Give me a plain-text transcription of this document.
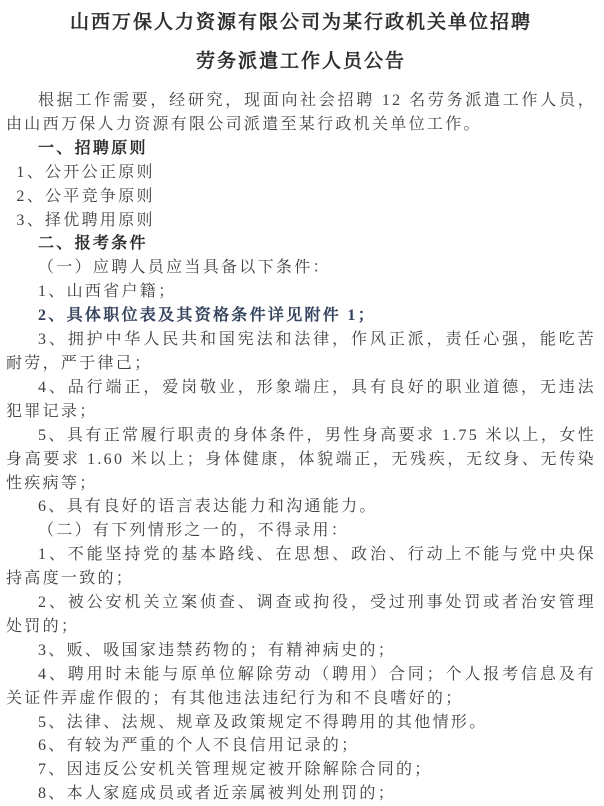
山西万保人力资源有限公司为某行政机关单位招聘

劳务派遣工作人员公告

根据工作需要，经研究，现面向社会招聘 12 名劳务派遣工作人员，由山西万保人力资源有限公司派遣至某行政机关单位工作。

一、招聘原则

1、公开公正原则

2、公平竞争原则

3、择优聘用原则

二、报考条件

（一）应聘人员应当具备以下条件：

1、山西省户籍；

2、具体职位表及其资格条件详见附件 1；

3、拥护中华人民共和国宪法和法律，作风正派，责任心强，能吃苦耐劳，严于律己；

4、品行端正，爱岗敬业，形象端庄，具有良好的职业道德，无违法犯罪记录；

5、具有正常履行职责的身体条件，男性身高要求 1.75 米以上，女性身高要求 1.60 米以上；身体健康，体貌端正，无残疾，无纹身、无传染性疾病等；

6、具有良好的语言表达能力和沟通能力。

（二）有下列情形之一的，不得录用：

1、不能坚持党的基本路线、在思想、政治、行动上不能与党中央保持高度一致的；

2、被公安机关立案侦查、调查或拘役，受过刑事处罚或者治安管理处罚的；

3、贩、吸国家违禁药物的；有精神病史的；

4、聘用时未能与原单位解除劳动（聘用）合同；个人报考信息及有关证件弄虚作假的；有其他违法违纪行为和不良嗜好的；

5、法律、法规、规章及政策规定不得聘用的其他情形。

6、有较为严重的个人不良信用记录的；

7、因违反公安机关管理规定被开除解除合同的；

8、本人家庭成员或者近亲属被判处刑罚的；
